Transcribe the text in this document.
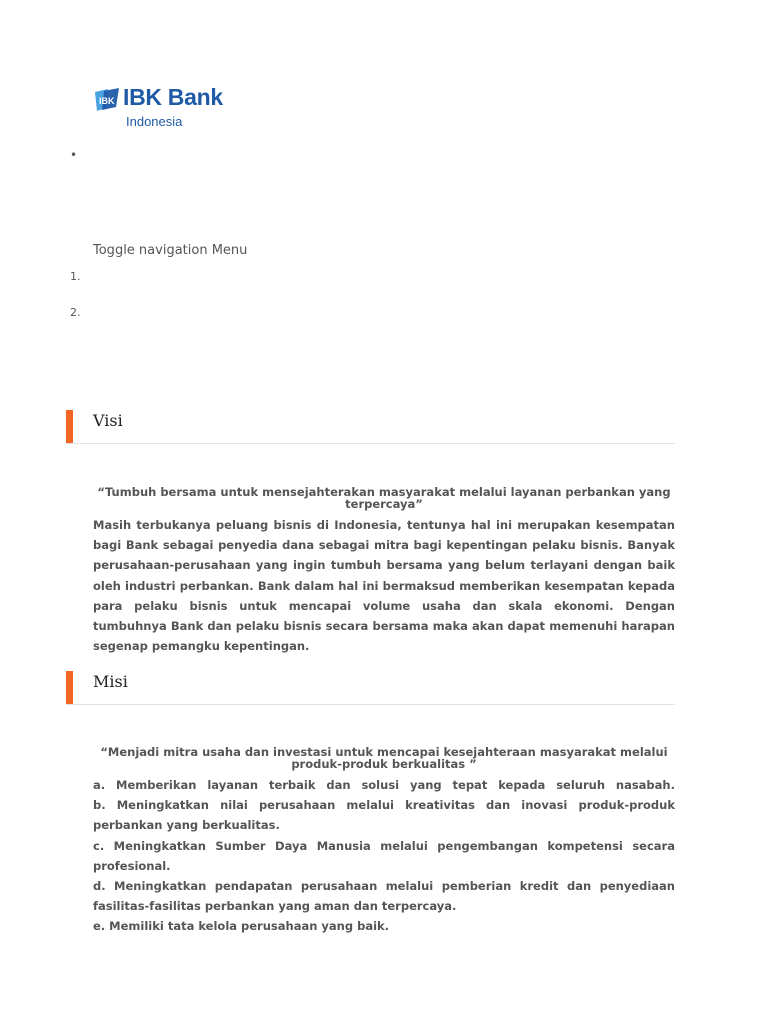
IBK IBK Bank
Indonesia
•
Toggle navigation Menu
1.
2.
Visi
“Tumbuh bersama untuk mensejahterakan masyarakat melalui layanan perbankan yang terpercaya”

Masih terbukanya peluang bisnis di Indonesia, tentunya hal ini merupakan kesempatan bagi Bank sebagai penyedia dana sebagai mitra bagi kepentingan pelaku bisnis. Banyak perusahaan-perusahaan yang ingin tumbuh bersama yang belum terlayani dengan baik oleh industri perbankan. Bank dalam hal ini bermaksud memberikan kesempatan kepada para pelaku bisnis untuk mencapai volume usaha dan skala ekonomi. Dengan tumbuhnya Bank dan pelaku bisnis secara bersama maka akan dapat memenuhi harapan segenap pemangku kepentingan.

Misi
“Menjadi mitra usaha dan investasi untuk mencapai kesejahteraan masyarakat melalui produk-produk berkualitas ”
a. Memberikan layanan terbaik dan solusi yang tepat kepada seluruh nasabah.
b. Meningkatkan nilai perusahaan melalui kreativitas dan inovasi produk-produk perbankan yang berkualitas.
c. Meningkatkan Sumber Daya Manusia melalui pengembangan kompetensi secara profesional.
d. Meningkatkan pendapatan perusahaan melalui pemberian kredit dan penyediaan fasilitas-fasilitas perbankan yang aman dan terpercaya.
e. Memiliki tata kelola perusahaan yang baik.
